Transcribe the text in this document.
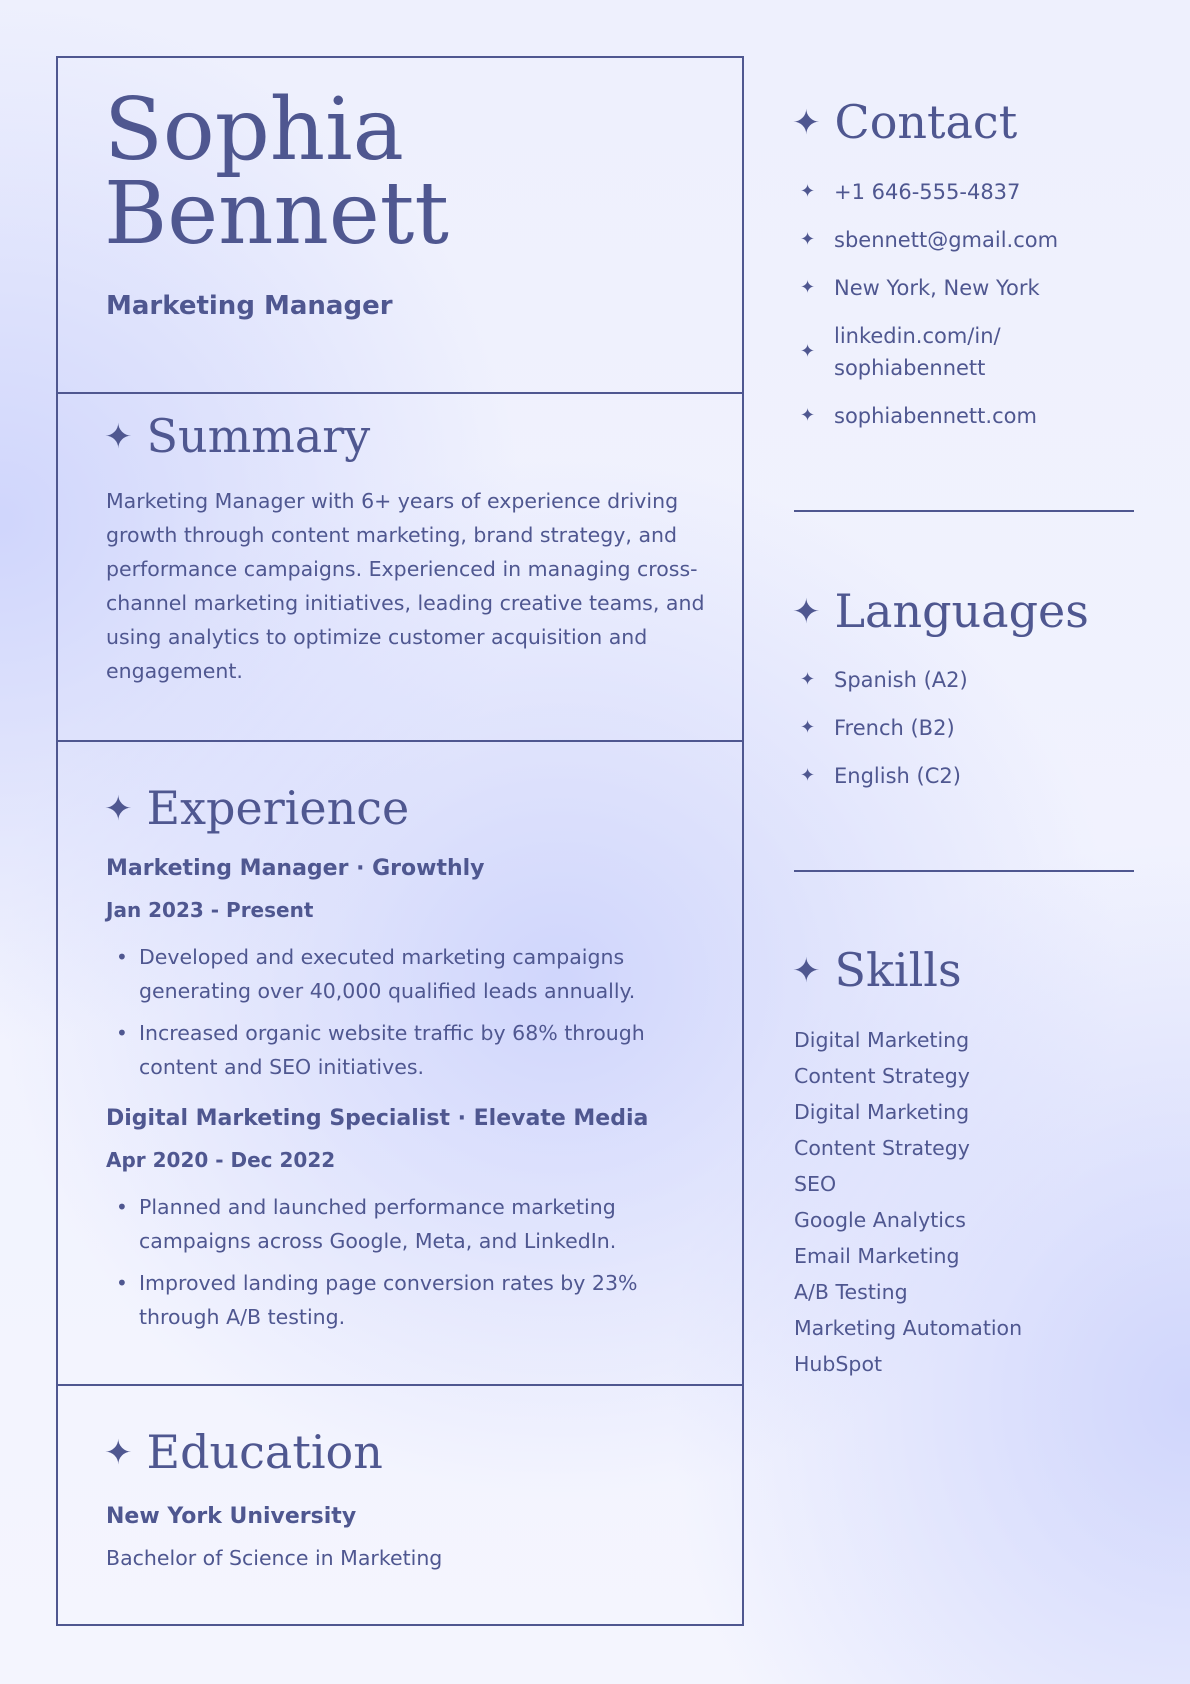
Sophia
Bennett

Marketing Manager

✦ Summary

Marketing Manager with 6+ years of experience driving growth through content marketing, brand strategy, and performance campaigns. Experienced in managing cross-channel marketing initiatives, leading creative teams, and using analytics to optimize customer acquisition and engagement.

✦ Experience

Marketing Manager · Growthly

Jan 2023 - Present

• Developed and executed marketing campaigns generating over 40,000 qualified leads annually.
• Increased organic website traffic by 68% through content and SEO initiatives.

Digital Marketing Specialist · Elevate Media

Apr 2020 - Dec 2022

• Planned and launched performance marketing campaigns across Google, Meta, and LinkedIn.
• Improved landing page conversion rates by 23% through A/B testing.
✦ Education

New York University

Bachelor of Science in Marketing

✦ Contact
✦ +1 646-555-4837
✦ sbennett@gmail.com
✦ New York, New York
✦
linkedin.com/in/ sophiabennett
✦ sophiabennett.com
✦ Languages
✦ Spanish (A2)
✦ French (B2)
✦ English (C2)
✦ Skills
Digital Marketing
Content Strategy
Digital Marketing
Content Strategy
SEO
Google Analytics
Email Marketing
A/B Testing
Marketing Automation
HubSpot
